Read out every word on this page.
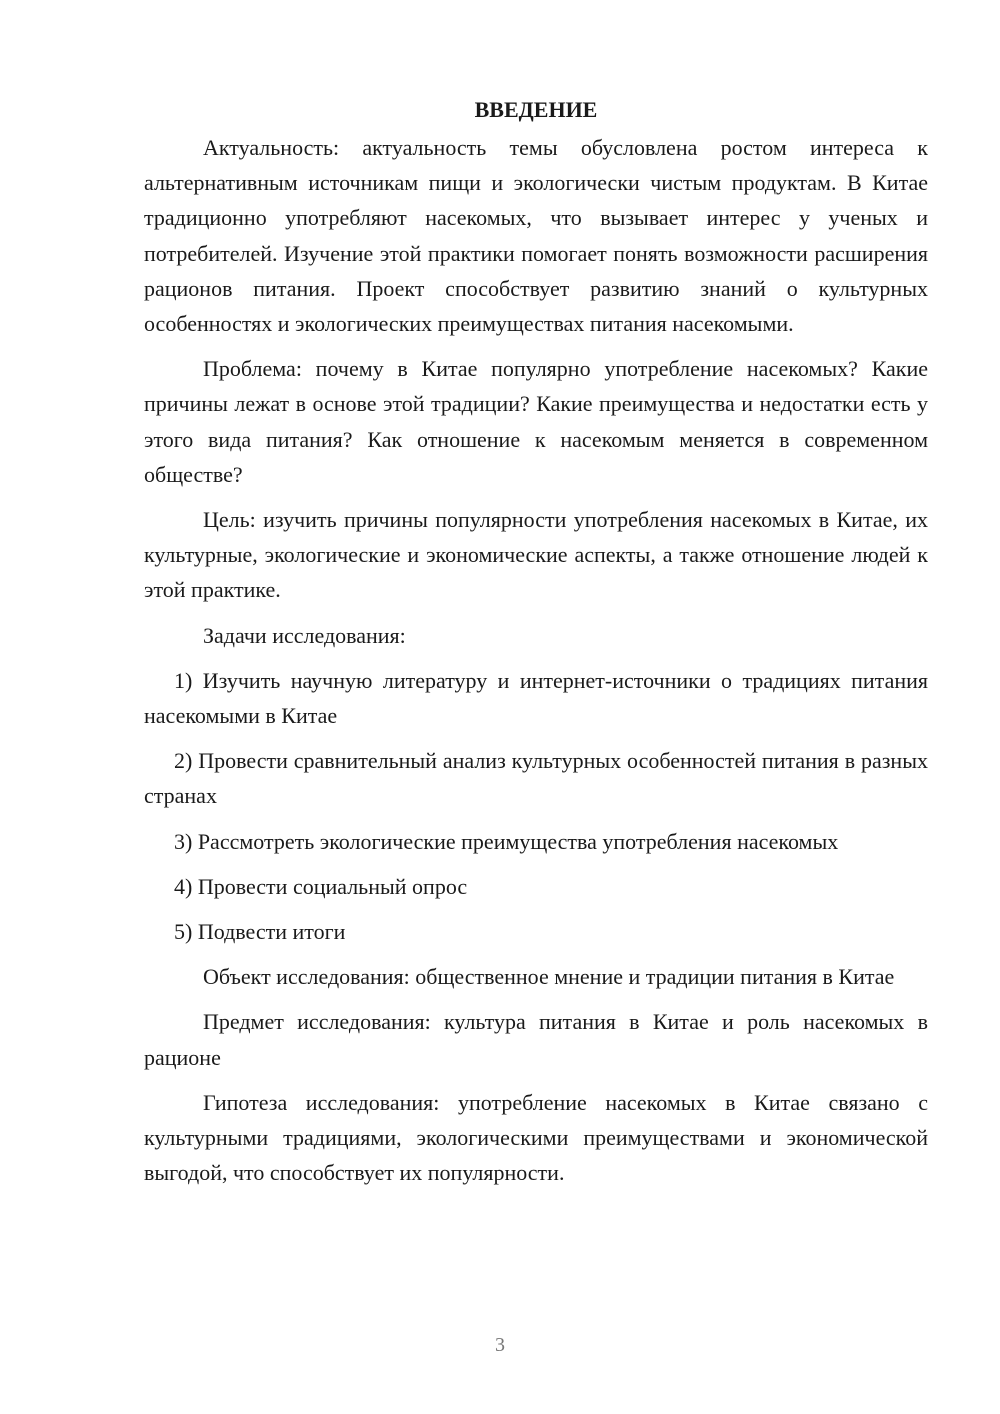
ВВЕДЕНИЕ

Актуальность: актуальность темы обусловлена ростом интереса к альтернативным источникам пищи и экологически чистым продуктам. В Китае традиционно употребляют насекомых, что вызывает интерес у ученых и потребителей. Изучение этой практики помогает понять возможности расширения рационов питания. Проект способствует развитию знаний о культурных особенностях и экологических преимуществах питания насекомыми.

Проблема: почему в Китае популярно употребление насекомых? Какие причины лежат в основе этой традиции? Какие преимущества и недостатки есть у этого вида питания? Как отношение к насекомым меняется в современном обществе?

Цель: изучить причины популярности употребления насекомых в Китае, их культурные, экологические и экономические аспекты, а также отношение людей к этой практике.

Задачи исследования:

1) Изучить научную литературу и интернет-источники о традициях питания насекомыми в Китае

2) Провести сравнительный анализ культурных особенностей питания в разных странах

3) Рассмотреть экологические преимущества употребления насекомых

4) Провести социальный опрос

5) Подвести итоги

Объект исследования: общественное мнение и традиции питания в Китае

Предмет исследования: культура питания в Китае и роль насекомых в рационе

Гипотеза исследования: употребление насекомых в Китае связано с культурными традициями, экологическими преимуществами и экономической выгодой, что способствует их популярности.

3
